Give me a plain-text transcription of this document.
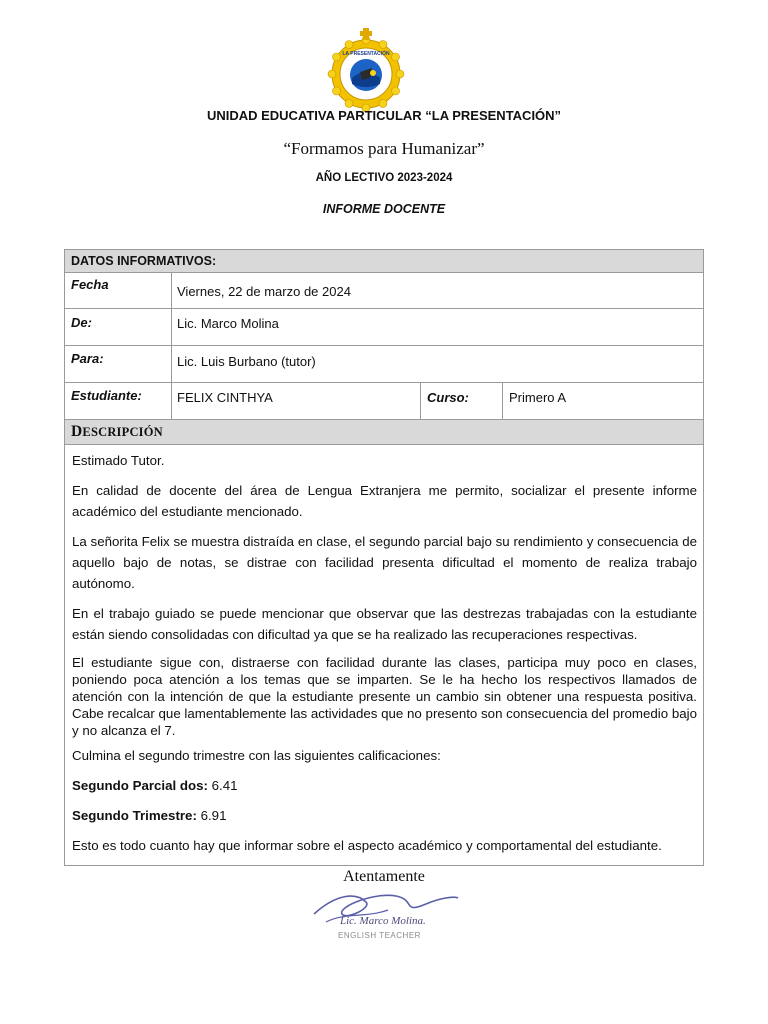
LA PRESENTACIÓN
UNIDAD EDUCATIVA PARTICULAR “LA PRESENTACIÓN”
“Formamos para Humanizar”
AÑO LECTIVO 2023-2024
INFORME DOCENTE
DATOS INFORMATIVOS:
Fecha	Viernes, 22 de marzo de 2024
De:	Lic. Marco Molina
Para:	Lic. Luis Burbano (tutor)
Estudiante:	FELIX CINTHYA	Curso:	Primero A
DESCRIPCIÓN

Estimado Tutor.

En calidad de docente del área de Lengua Extranjera me permito, socializar el presente informe académico del estudiante mencionado.

La señorita Felix se muestra distraída en clase, el segundo parcial bajo su rendimiento y consecuencia de aquello bajo de notas, se distrae con facilidad presenta dificultad el momento de realiza trabajo autónomo.

En el trabajo guiado se puede mencionar que observar que las destrezas trabajadas con la estudiante están siendo consolidadas con dificultad ya que se ha realizado las recuperaciones respectivas.

El estudiante sigue con, distraerse con facilidad durante las clases, participa muy poco en clases, poniendo poca atención a los temas que se imparten. Se le ha hecho los respectivos llamados de atención con la intención de que la estudiante presente un cambio sin obtener una respuesta positiva. Cabe recalcar que lamentablemente las actividades que no presento son consecuencia del promedio bajo y no alcanza el 7.

Culmina el segundo trimestre con las siguientes calificaciones:

Segundo Parcial dos: 6.41

Segundo Trimestre: 6.91

Esto es todo cuanto hay que informar sobre el aspecto académico y comportamental del estudiante.

Atentamente
Lic. Marco Molina.
ENGLISH TEACHER
